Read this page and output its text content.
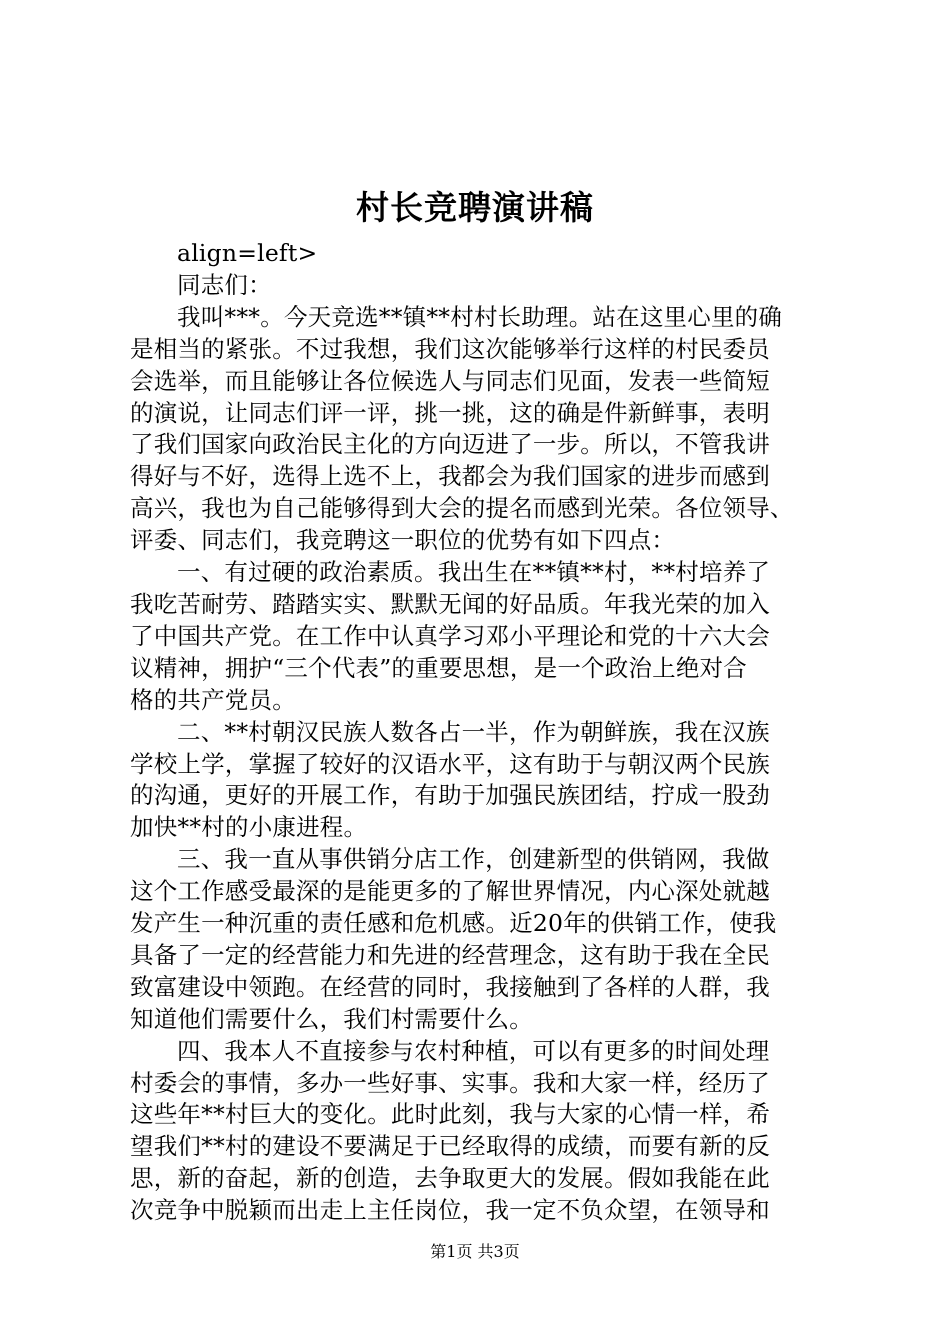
村长竞聘演讲稿
align=left>
同志们：
我叫***。今天竞选**镇**村村长助理。站在这里心里的确
是相当的紧张。不过我想，我们这次能够举行这样的村民委员
会选举，而且能够让各位候选人与同志们见面，发表一些简短
的演说，让同志们评一评，挑一挑，这的确是件新鲜事，表明
了我们国家向政治民主化的方向迈进了一步。所以，不管我讲
得好与不好，选得上选不上，我都会为我们国家的进步而感到
高兴，我也为自己能够得到大会的提名而感到光荣。各位领导、
评委、同志们，我竞聘这一职位的优势有如下四点：
一、有过硬的政治素质。我出生在**镇**村，**村培养了
我吃苦耐劳、踏踏实实、默默无闻的好品质。年我光荣的加入
了中国共产党。在工作中认真学习邓小平理论和党的十六大会
议精神，拥护“三个代表”的重要思想，是一个政治上绝对合
格的共产党员。
二、**村朝汉民族人数各占一半，作为朝鲜族，我在汉族
学校上学，掌握了较好的汉语水平，这有助于与朝汉两个民族
的沟通，更好的开展工作，有助于加强民族团结，拧成一股劲
加快**村的小康进程。
三、我一直从事供销分店工作，创建新型的供销网，我做
这个工作感受最深的是能更多的了解世界情况，内心深处就越
发产生一种沉重的责任感和危机感。近20年的供销工作，使我
具备了一定的经营能力和先进的经营理念，这有助于我在全民
致富建设中领跑。在经营的同时，我接触到了各样的人群，我
知道他们需要什么，我们村需要什么。
四、我本人不直接参与农村种植，可以有更多的时间处理
村委会的事情，多办一些好事、实事。我和大家一样，经历了
这些年**村巨大的变化。此时此刻，我与大家的心情一样，希
望我们**村的建设不要满足于已经取得的成绩，而要有新的反
思，新的奋起，新的创造，去争取更大的发展。假如我能在此
次竞争中脱颖而出走上主任岗位，我一定不负众望，在领导和
第1页 共3页
